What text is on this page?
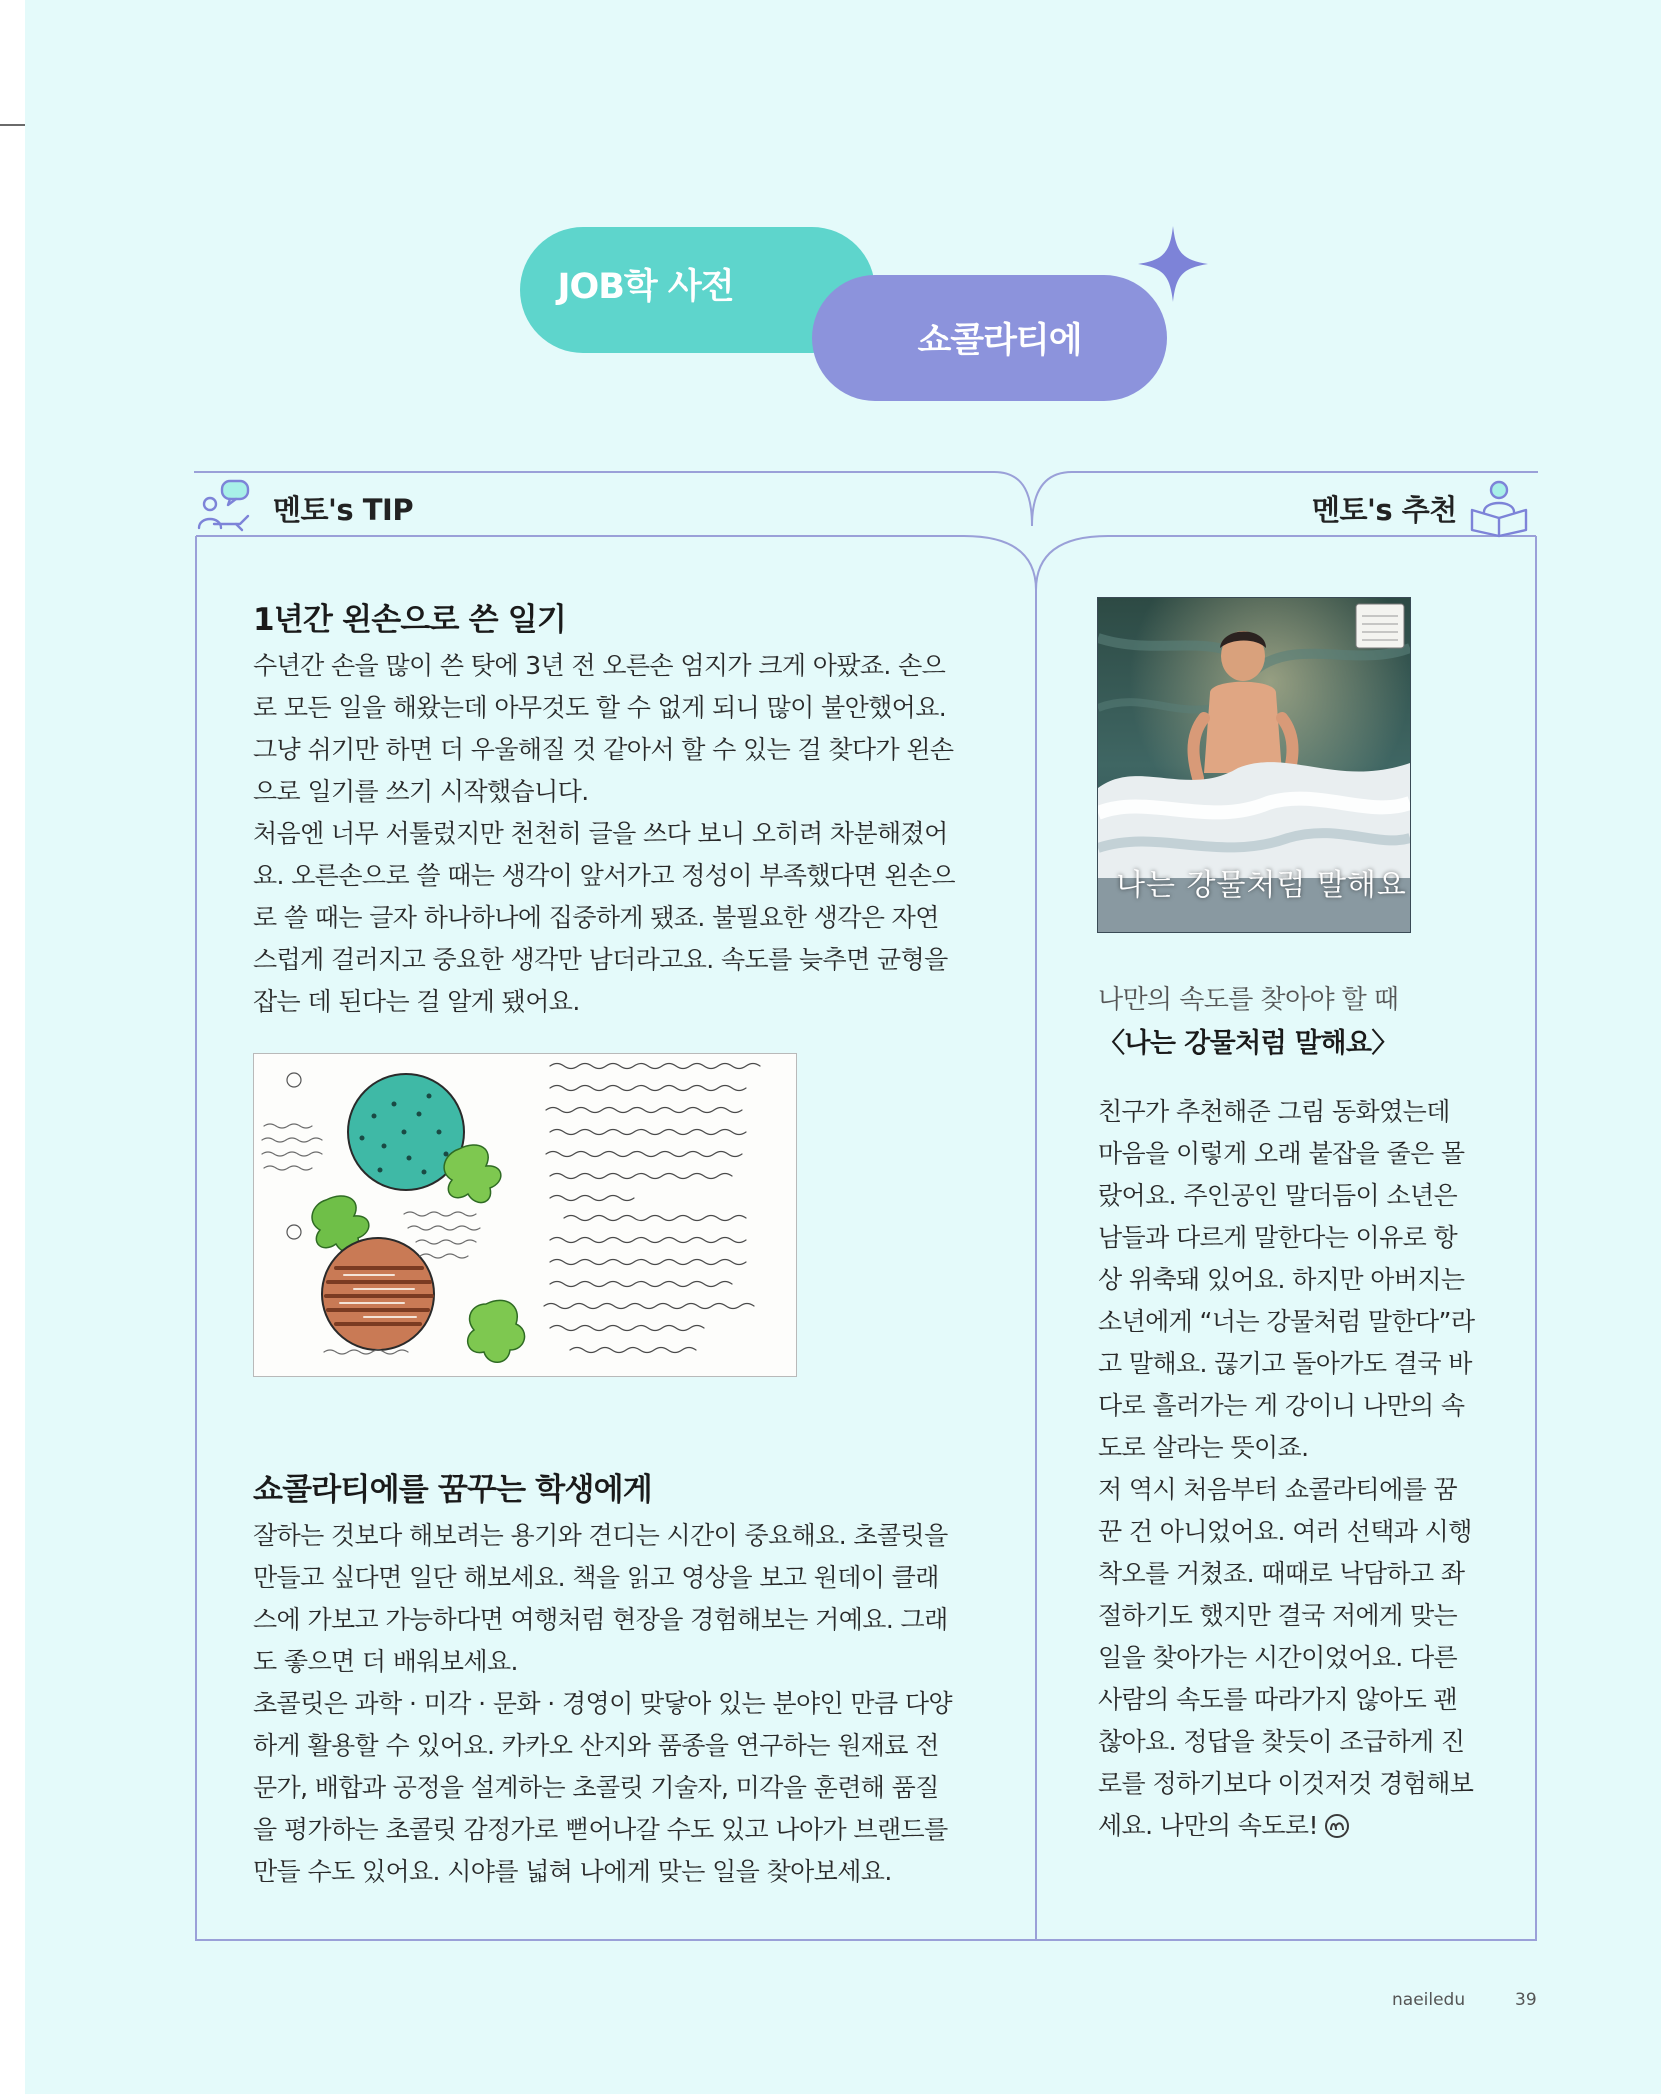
JOB학 사전
쇼콜라티에
멘토's TIP	멘토's 추천
1년간 왼손으로 쓴 일기

수년간 손을 많이 쓴 탓에 3년 전 오른손 엄지가 크게 아팠죠. 손으

로 모든 일을 해왔는데 아무것도 할 수 없게 되니 많이 불안했어요.

그냥 쉬기만 하면 더 우울해질 것 같아서 할 수 있는 걸 찾다가 왼손

으로 일기를 쓰기 시작했습니다.

처음엔 너무 서툴렀지만 천천히 글을 쓰다 보니 오히려 차분해졌어

요. 오른손으로 쓸 때는 생각이 앞서가고 정성이 부족했다면 왼손으

로 쓸 때는 글자 하나하나에 집중하게 됐죠. 불필요한 생각은 자연

스럽게 걸러지고 중요한 생각만 남더라고요. 속도를 늦추면 균형을

잡는 데 된다는 걸 알게 됐어요.

쇼콜라티에를 꿈꾸는 학생에게

잘하는 것보다 해보려는 용기와 견디는 시간이 중요해요. 초콜릿을

만들고 싶다면 일단 해보세요. 책을 읽고 영상을 보고 원데이 클래

스에 가보고 가능하다면 여행처럼 현장을 경험해보는 거예요. 그래

도 좋으면 더 배워보세요.

초콜릿은 과학 · 미각 · 문화 · 경영이 맞닿아 있는 분야인 만큼 다양

하게 활용할 수 있어요. 카카오 산지와 품종을 연구하는 원재료 전

문가, 배합과 공정을 설계하는 초콜릿 기술자, 미각을 훈련해 품질

을 평가하는 초콜릿 감정가로 뻗어나갈 수도 있고 나아가 브랜드를

만들 수도 있어요. 시야를 넓혀 나에게 맞는 일을 찾아보세요.

나는 강물처럼 말해요
나만의 속도를 찾아야 할 때
〈나는 강물처럼 말해요〉

친구가 추천해준 그림 동화였는데

마음을 이렇게 오래 붙잡을 줄은 몰

랐어요. 주인공인 말더듬이 소년은

남들과 다르게 말한다는 이유로 항

상 위축돼 있어요. 하지만 아버지는

소년에게 “너는 강물처럼 말한다”라

고 말해요. 끊기고 돌아가도 결국 바

다로 흘러가는 게 강이니 나만의 속

도로 살라는 뜻이죠.

저 역시 처음부터 쇼콜라티에를 꿈

꾼 건 아니었어요. 여러 선택과 시행

착오를 거쳤죠. 때때로 낙담하고 좌

절하기도 했지만 결국 저에게 맞는

일을 찾아가는 시간이었어요. 다른

사람의 속도를 따라가지 않아도 괜

찮아요. 정답을 찾듯이 조급하게 진

로를 정하기보다 이것저것 경험해보

세요. 나만의 속도로!

naeiledu	39
